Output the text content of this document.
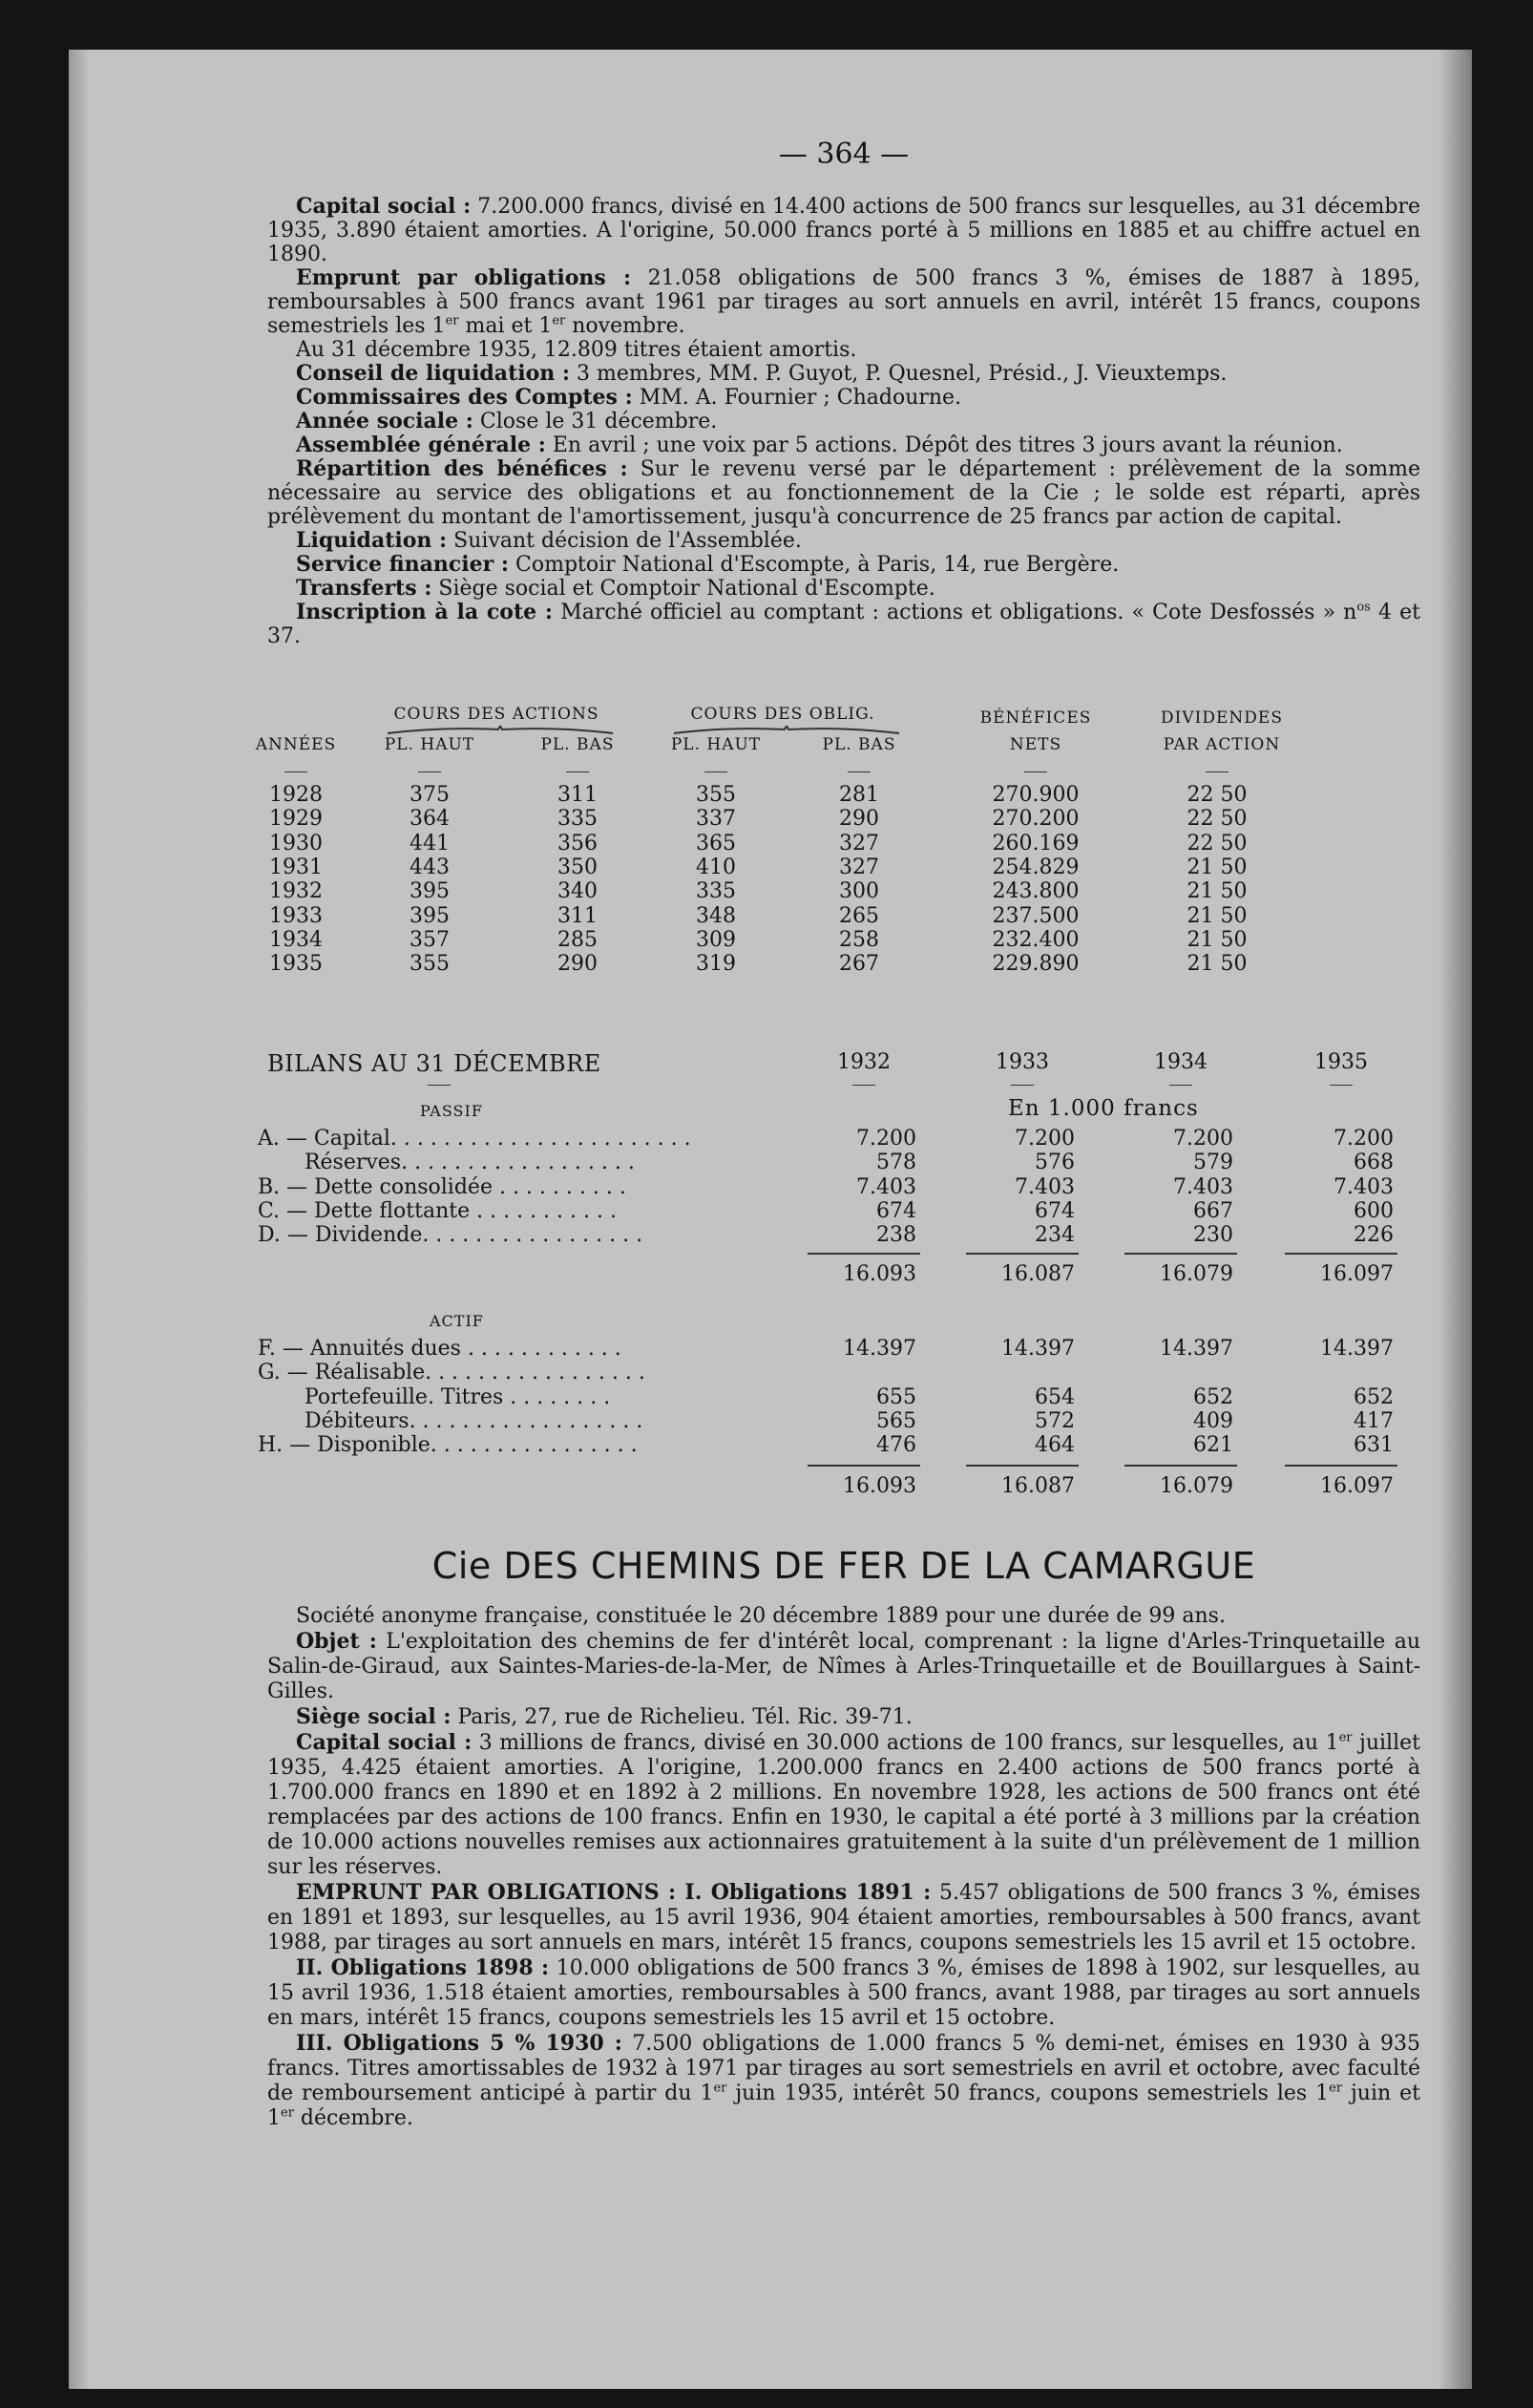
— 364 —

Capital social : 7.200.000 francs, divisé en 14.400 actions de 500 francs sur lesquelles, au 31 décembre 1935, 3.890 étaient amorties. A l'origine, 50.000 francs porté à 5 millions en 1885 et au chiffre actuel en 1890.

Emprunt par obligations : 21.058 obligations de 500 francs 3 %, émises de 1887 à 1895, remboursables à 500 francs avant 1961 par tirages au sort annuels en avril, intérêt 15 francs, coupons semestriels les 1er mai et 1er novembre.

Au 31 décembre 1935, 12.809 titres étaient amortis.

Conseil de liquidation : 3 membres, MM. P. Guyot, P. Quesnel, Présid., J. Vieuxtemps.

Commissaires des Comptes : MM. A. Fournier ; Chadourne.

Année sociale : Close le 31 décembre.

Assemblée générale : En avril ; une voix par 5 actions. Dépôt des titres 3 jours avant la réunion.

Répartition des bénéfices : Sur le revenu versé par le département : prélèvement de la somme nécessaire au service des obligations et au fonctionnement de la Cie ; le solde est réparti, après prélèvement du montant de l'amortissement, jusqu'à concurrence de 25 francs par action de capital.

Liquidation : Suivant décision de l'Assemblée.

Service financier : Comptoir National d'Escompte, à Paris, 14, rue Bergère.

Transferts : Siège social et Comptoir National d'Escompte.

Inscription à la cote : Marché officiel au comptant : actions et obligations. « Cote Desfossés » $n^{os}$ 4 et 37.

COURS DES ACTIONS	COURS DES OBLIG.	BÉNÉFICES	DIVIDENDES
ANNÉES	PL. HAUT	PL. BAS	PL. HAUT	PL. BAS	NETS	PAR ACTION
1928	375	311	355	281	270.900	22 50
1929	364	335	337	290	270.200	22 50
1930	441	356	365	327	260.169	22 50
1931	443	350	410	327	254.829	21 50
1932	395	340	335	300	243.800	21 50
1933	395	311	348	265	237.500	21 50
1934	357	285	309	258	232.400	21 50
1935	355	290	319	267	229.890	21 50
BILANS AU 31 DÉCEMBRE	1932	1933	1934	1935
En 1.000 francs
PASSIF
A. — Capital. . . . . . . . . . . . . . . . . . . . . . .	7.200	7.200	7.200	7.200
Réserves. . . . . . . . . . . . . . . . . .	578	576	579	668
B. — Dette consolidée . . . . . . . . . .	7.403	7.403	7.403	7.403
C. — Dette flottante . . . . . . . . . . .	674	674	667	600
D. — Dividende. . . . . . . . . . . . . . . . .	238	234	230	226
16.093	16.087	16.079	16.097
ACTIF
F. — Annuités dues . . . . . . . . . . . .	14.397	14.397	14.397	14.397
G. — Réalisable. . . . . . . . . . . . . . . . .
Portefeuille. Titres . . . . . . . .	655	654	652	652
Débiteurs. . . . . . . . . . . . . . . . . .	565	572	409	417
H. — Disponible. . . . . . . . . . . . . . . .	476	464	621	631
16.093	16.087	16.079	16.097
Cie DES CHEMINS DE FER DE LA CAMARGUE

Société anonyme française, constituée le 20 décembre 1889 pour une durée de 99 ans.

Objet : L'exploitation des chemins de fer d'intérêt local, comprenant : la ligne d'Arles-Trinquetaille au Salin-de-Giraud, aux Saintes-Maries-de-la-Mer, de Nîmes à Arles-Trinquetaille et de Bouillargues à Saint-Gilles.

Siège social : Paris, 27, rue de Richelieu. Tél. Ric. 39-71.

Capital social : 3 millions de francs, divisé en 30.000 actions de 100 francs, sur lesquelles, au 1er juillet 1935, 4.425 étaient amorties. A l'origine, 1.200.000 francs en 2.400 actions de 500 francs porté à 1.700.000 francs en 1890 et en 1892 à 2 millions. En novembre 1928, les actions de 500 francs ont été remplacées par des actions de 100 francs. Enfin en 1930, le capital a été porté à 3 millions par la création de 10.000 actions nouvelles remises aux actionnaires gratuitement à la suite d'un prélèvement de 1 million sur les réserves.

EMPRUNT PAR OBLIGATIONS : I. Obligations 1891 : 5.457 obligations de 500 francs 3 %, émises en 1891 et 1893, sur lesquelles, au 15 avril 1936, 904 étaient amorties, remboursables à 500 francs, avant 1988, par tirages au sort annuels en mars, intérêt 15 francs, coupons semestriels les 15 avril et 15 octobre.

II. Obligations 1898 : 10.000 obligations de 500 francs 3 %, émises de 1898 à 1902, sur lesquelles, au 15 avril 1936, 1.518 étaient amorties, remboursables à 500 francs, avant 1988, par tirages au sort annuels en mars, intérêt 15 francs, coupons semestriels les 15 avril et 15 octobre.

III. Obligations 5 % 1930 : 7.500 obligations de 1.000 francs 5 % demi-net, émises en 1930 à 935 francs. Titres amortissables de 1932 à 1971 par tirages au sort semestriels en avril et octobre, avec faculté de remboursement anticipé à partir du 1er juin 1935, intérêt 50 francs, coupons semestriels les 1er juin et 1er décembre.
